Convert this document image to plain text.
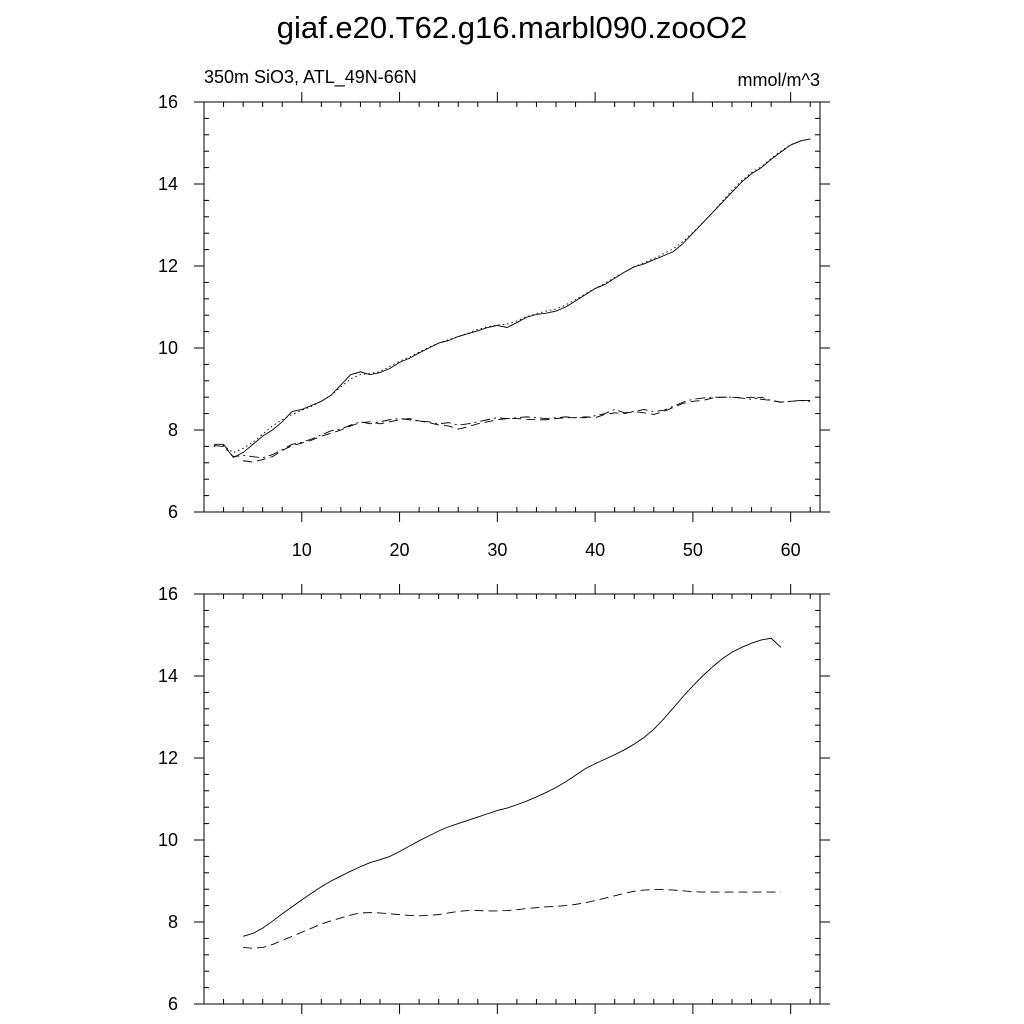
giaf.e20.T62.g16.marbl090.zooO2
350m SiO3, ATL_49N-66N	mmol/m^3
10	20	30	40	50	60
6
8
10
12
14
16
6
8
10
12
14
16
